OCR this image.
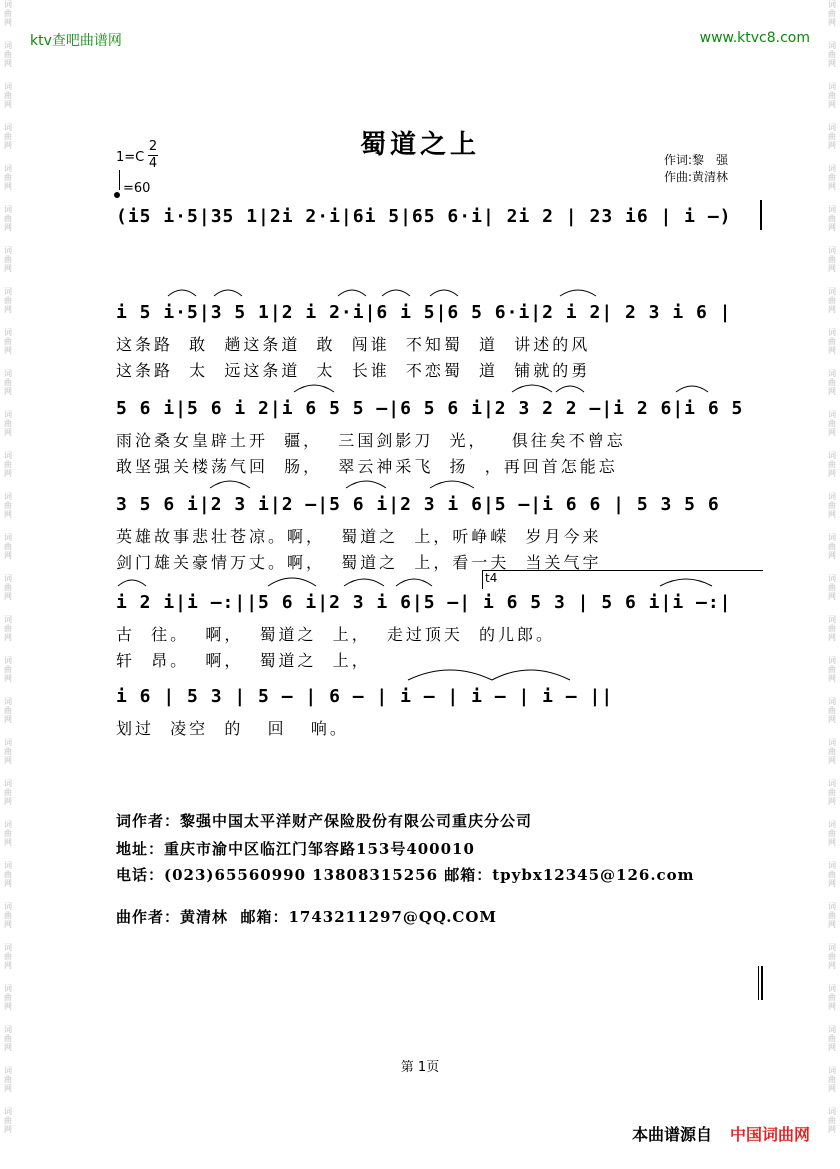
词
曲
网
词
曲
网
词
曲
网
词
曲
网
词
曲
网
词
曲
网
词
曲
网
词
曲
网
词
曲
网
词
曲
网
词
曲
网
词
曲
网
词
曲
网
词
曲
网
词
曲
网
词
曲
网
词
曲
网
词
曲
网
词
曲
网
词
曲
网
词
曲
网
词
曲
网
词
曲
网
词
曲
网
词
曲
网
词
曲
网
词
曲
网
词
曲
网
词
曲
网
词
曲
网
词
曲
网
词
曲
网
词
曲
网
词
曲
网
词
曲
网
词
曲
网
词
曲
网
词
曲
网
词
曲
网
词
曲
网
词
曲
网
词
曲
网
词
曲
网
词
曲
网
词
曲
网
词
曲
网
词
曲
网
词
曲
网
词
曲
网
词
曲
网
词
曲
网
词
曲
网
词
曲
网
词
曲
网
词
曲
网
词
曲
网
ktv查吧曲谱网	www.ktvc8.com
蜀道之上
1=C
2
4
=60
作词:黎　强
作曲:黄清林
(i5 i·5|35 1|2i 2·i|6i 5|65 6·i| 2i 2 | 23 i6 | i –)
i 5 i·5|3 5 1|2 i 2·i|6 i 5|6 5 6·i|2 i 2| 2 3 i 6 |
这条路  敢  趟这条道  敢  闯谁  不知蜀  道  讲述的风
这条路  太  远这条道  太  长谁  不恋蜀  道  铺就的勇
5 6 i|5 6 i 2|i 6 5 5 –|6 5 6 i|2 3 2 2 –|i 2 6|i 6 5
雨沧桑女皇辟土开  疆，  三国剑影刀  光，   俱往矣不曾忘
敢坚强关楼荡气回  肠，  翠云神采飞  扬  ，再回首怎能忘
3 5 6 i|2 3 i|2 –|5 6 i|2 3 i 6|5 –|i 6 6 | 5 3 5 6
英雄故事悲壮苍凉。啊，  蜀道之  上，听峥嵘  岁月今来
剑门雄关豪情万丈。啊，  蜀道之  上，看一夫  当关气宇
t4
i 2 i|i –:||5 6 i|2 3 i 6|5 –| i 6 5 3 | 5 6 i|i –:|
古  往。  啊，  蜀道之  上，  走过顶天  的儿郎。
轩  昂。  啊，  蜀道之  上，
i 6 | 5 3 | 5 – | 6 – | i – | i – | i – ||
划过  凌空  的   回   响。
词作者：黎强中国太平洋财产保险股份有限公司重庆分公司
地址：重庆市渝中区临江门邹容路153号400010
电话：(023)65560990 13808315256 邮箱：tpybx12345@126.com
曲作者：黄清林  邮箱：1743211297@QQ.COM
第 1页
本曲谱源自 中国词曲网
